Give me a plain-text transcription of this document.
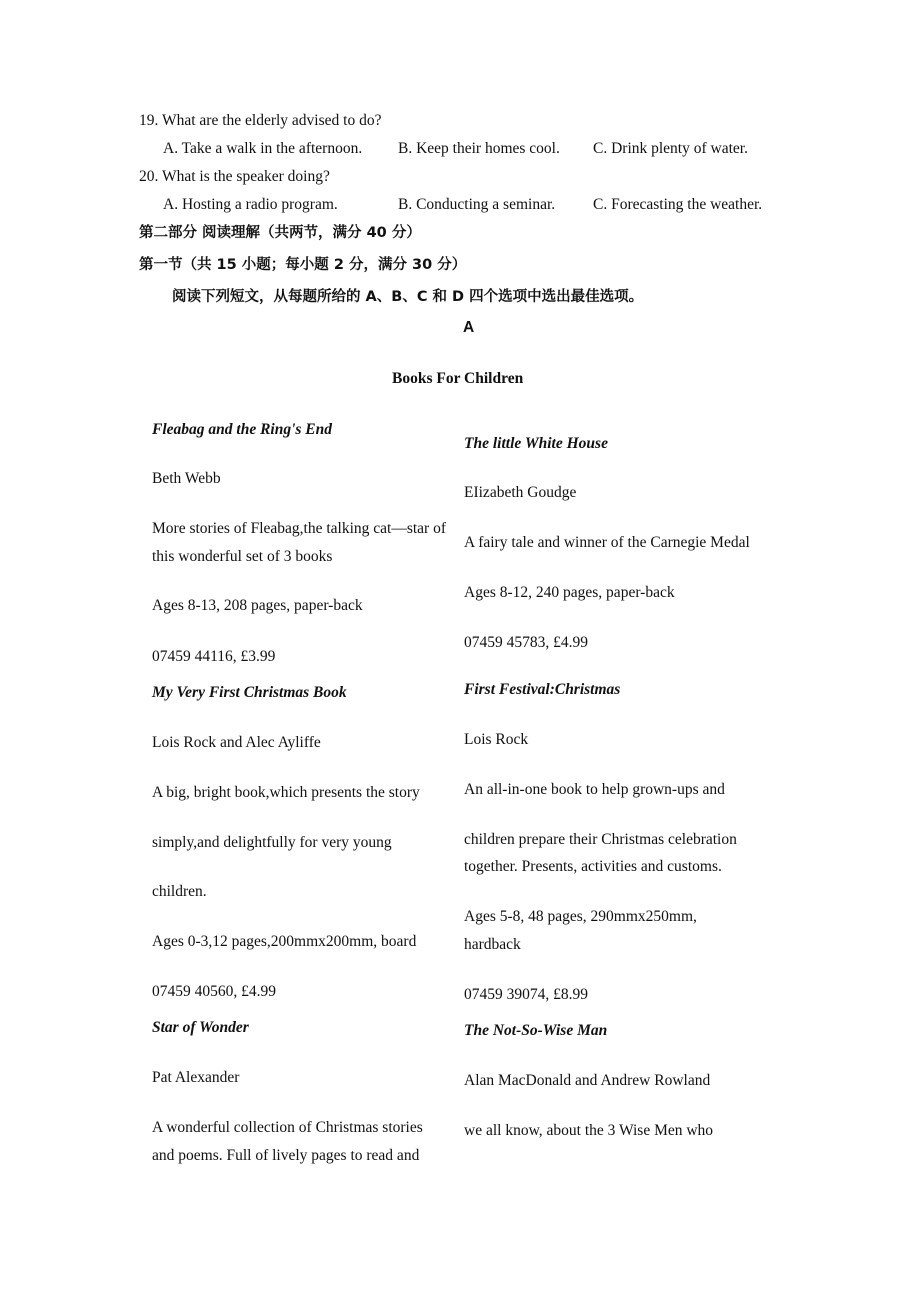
19. What are the elderly advised to do?
A. Take a walk in the afternoon. B. Keep their homes cool. C. Drink plenty of water.
20. What is the speaker doing?
A. Hosting a radio program.	B. Conducting a seminar. C. Forecasting the weather.
第二部分 阅读理解（共两节，满分 40 分）
第一节（共 15 小题；每小题 2 分，满分 30 分）
阅读下列短文，从每题所给的 A、B、C 和 D 四个选项中选出最佳选项。
A
Books For Children
Fleabag and the Ring's End
Beth Webb
More stories of Fleabag,the talking cat—star of
this wonderful set of 3 books
Ages 8-13, 208 pages, paper-back
07459 44116, £3.99
My Very First Christmas Book
Lois Rock and Alec Ayliffe
A big, bright book,which presents the story
simply,and delightfully for very young
children.
Ages 0-3,12 pages,200mmx200mm, board
07459 40560, £4.99
Star of Wonder
Pat Alexander
A wonderful collection of Christmas stories
and poems. Full of lively pages to read and
The little White House
EIizabeth Goudge
A fairy tale and winner of the Carnegie Medal
Ages 8-12, 240 pages, paper-back
07459 45783, £4.99
First Festival:Christmas
Lois Rock
An all-in-one book to help grown-ups and
children prepare their Christmas celebration
together. Presents, activities and customs.
Ages 5-8, 48 pages, 290mmx250mm,
hardback
07459 39074, £8.99
The Not-So-Wise Man
Alan MacDonald and Andrew Rowland
we all know, about the 3 Wise Men who
